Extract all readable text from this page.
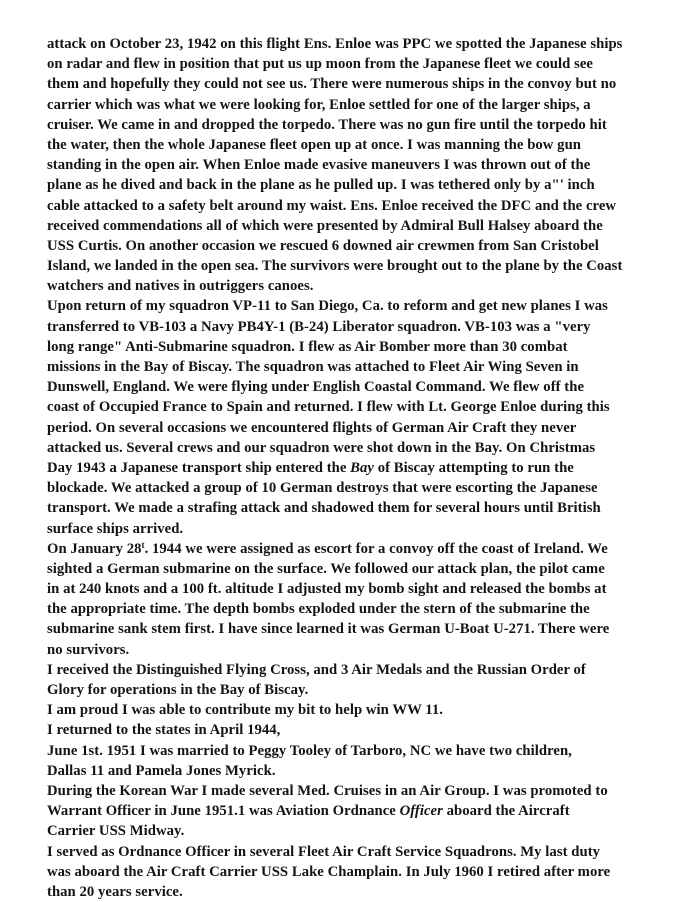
attack on October 23, 1942 on this flight Ens. Enloe was PPC we spotted the Japanese ships
on radar and flew in position that put us up moon from the Japanese fleet we could see
them and hopefully they could not see us. There were numerous ships in the convoy but no
carrier which was what we were looking for, Enloe settled for one of the larger ships, a
cruiser. We came in and dropped the torpedo. There was no gun fire until the torpedo hit
the water, then the whole Japanese fleet open up at once. I was manning the bow gun
standing in the open air. When Enloe made evasive maneuvers I was thrown out of the
plane as he dived and back in the plane as he pulled up. I was tethered only by a"' inch
cable attacked to a safety belt around my waist. Ens. Enloe received the DFC and the crew
received commendations all of which were presented by Admiral Bull Halsey aboard the
USS Curtis. On another occasion we rescued 6 downed air crewmen from San Cristobel
Island, we landed in the open sea. The survivors were brought out to the plane by the Coast
watchers and natives in outriggers canoes.
Upon return of my squadron VP-11 to San Diego, Ca. to reform and get new planes I was
transferred to VB-103 a Navy PB4Y-1 (B-24) Liberator squadron. VB-103 was a "very
long range" Anti-Submarine squadron. I flew as Air Bomber more than 30 combat
missions in the Bay of Biscay. The squadron was attached to Fleet Air Wing Seven in
Dunswell, England. We were flying under English Coastal Command. We flew off the
coast of Occupied France to Spain and returned. I flew with Lt. George Enloe during this
period. On several occasions we encountered flights of German Air Craft they never
attacked us. Several crews and our squadron were shot down in the Bay. On Christmas
Day 1943 a Japanese transport ship entered the Bay of Biscay attempting to run the
blockade. We attacked a group of 10 German destroys that were escorting the Japanese
transport. We made a strafing attack and shadowed them for several hours until British
surface ships arrived.
On January 28$^t$. 1944 we were assigned as escort for a convoy off the coast of Ireland. We
sighted a German submarine on the surface. We followed our attack plan, the pilot came
in at 240 knots and a 100 ft. altitude I adjusted my bomb sight and released the bombs at
the appropriate time. The depth bombs exploded under the stern of the submarine the
submarine sank stem first. I have since learned it was German U-Boat U-271. There were
no survivors.
I received the Distinguished Flying Cross, and 3 Air Medals and the Russian Order of
Glory for operations in the Bay of Biscay.
I am proud I was able to contribute my bit to help win WW 11.
I returned to the states in April 1944,
June 1st. 1951 I was married to Peggy Tooley of Tarboro, NC we have two children,
Dallas 11 and Pamela Jones Myrick.
During the Korean War I made several Med. Cruises in an Air Group. I was promoted to
Warrant Officer in June 1951.1 was Aviation Ordnance Officer aboard the Aircraft
Carrier USS Midway.
I served as Ordnance Officer in several Fleet Air Craft Service Squadrons. My last duty
was aboard the Air Craft Carrier USS Lake Champlain. In July 1960 I retired after more
than 20 years service.
